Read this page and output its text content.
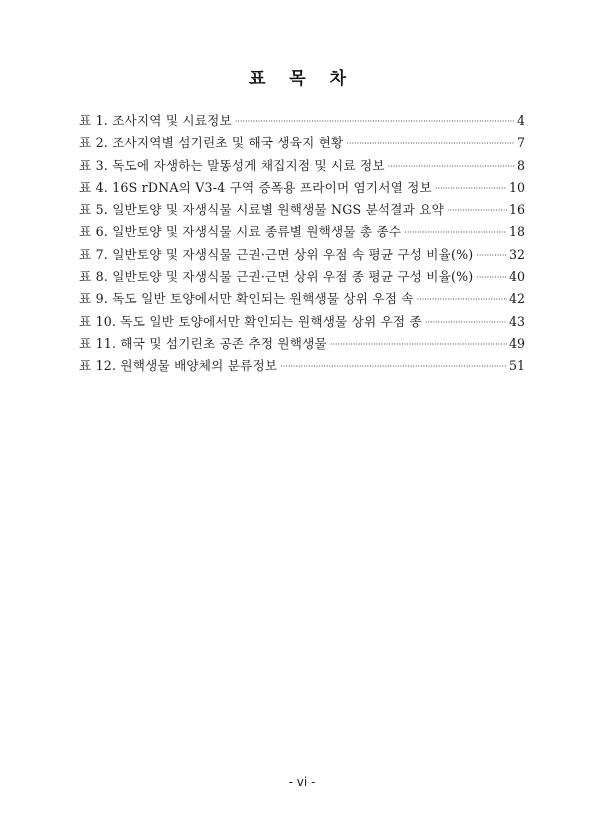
표 목 차
표 1. 조사지역 및 시료정보 ·····	4
표 2. 조사지역별 섬기린초 및 해국 생육지 현황 ·····	7
표 3. 독도에 자생하는 말똥성게 채집지점 및 시료 정보 ·····	8
표 4. 16S rDNA의 V3-4 구역 증폭용 프라이머 염기서열 정보 ·····	10
표 5. 일반토양 및 자생식물 시료별 원핵생물 NGS 분석결과 요약 ·····	16
표 6. 일반토양 및 자생식물 시료 종류별 원핵생물 총 종수 ·····	18
표 7. 일반토양 및 자생식물 근권·근면 상위 우점 속 평균 구성 비율(%) ·····	32
표 8. 일반토양 및 자생식물 근권·근면 상위 우점 종 평균 구성 비율(%) ·····	40
표 9. 독도 일반 토양에서만 확인되는 원핵생물 상위 우점 속 ·····	42
표 10. 독도 일반 토양에서만 확인되는 원핵생물 상위 우점 종 ·····	43
표 11. 해국 및 섬기린초 공존 추정 원핵생물 ·····	49
표 12. 원핵생물 배양체의 분류정보 ·····	51
- vi -
